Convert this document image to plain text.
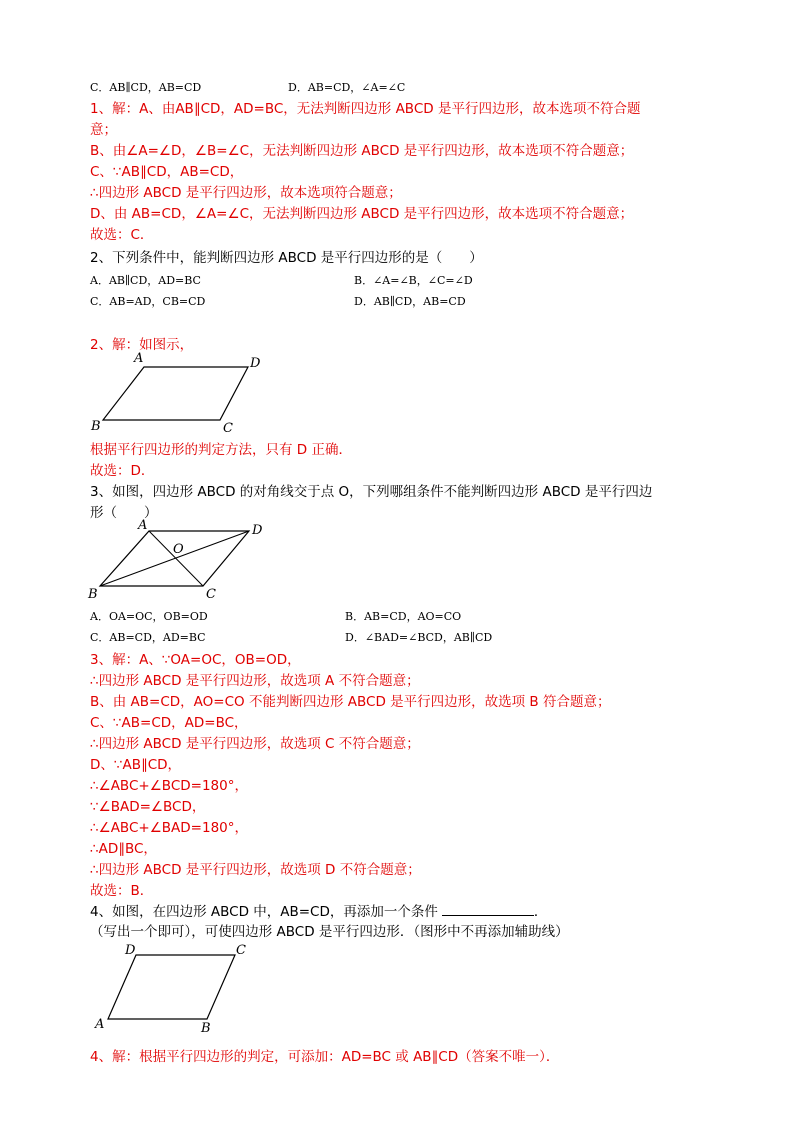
C．AB∥CD，AB=CD	D．AB=CD，∠A=∠C
1、解：A、由AB∥CD，AD=BC，无法判断四边形 ABCD 是平行四边形，故本选项不符合题
意；
B、由∠A=∠D，∠B=∠C，无法判断四边形 ABCD 是平行四边形，故本选项不符合题意；
C、∵AB∥CD，AB=CD，
∴四边形 ABCD 是平行四边形，故本选项符合题意；
D、由 AB=CD，∠A=∠C，无法判断四边形 ABCD 是平行四边形，故本选项不符合题意；
故选：C．
2、下列条件中，能判断四边形 ABCD 是平行四边形的是（　　）
A．AB∥CD，AD=BC	B．∠A=∠B，∠C=∠D
C．AB=AD，CB=CD	D．AB∥CD，AB=CD
2、解：如图示，
A	D
B	C
根据平行四边形的判定方法，只有 D 正确．
故选：D．
3、如图，四边形 ABCD 的对角线交于点 O，下列哪组条件不能判断四边形 ABCD 是平行四边
形（　　）
A	D
O
B	C
A．OA=OC，OB=OD	B．AB=CD，AO=CO
C．AB=CD，AD=BC	D．∠BAD=∠BCD，AB∥CD
3、解：A、∵OA=OC，OB=OD，
∴四边形 ABCD 是平行四边形，故选项 A 不符合题意；
B、由 AB=CD，AO=CO 不能判断四边形 ABCD 是平行四边形，故选项 B 符合题意；
C、∵AB=CD，AD=BC，
∴四边形 ABCD 是平行四边形，故选项 C 不符合题意；
D、∵AB∥CD，
∴∠ABC+∠BCD=180°，
∵∠BAD=∠BCD，
∴∠ABC+∠BAD=180°，
∴AD∥BC，
∴四边形 ABCD 是平行四边形，故选项 D 不符合题意；
故选：B．
4、如图，在四边形 ABCD 中，AB=CD，再添加一个条件	．
（写出一个即可），可使四边形 ABCD 是平行四边形．（图形中不再添加辅助线）
D	C
A	B
4、解：根据平行四边形的判定，可添加：AD=BC 或 AB∥CD（答案不唯一）．
